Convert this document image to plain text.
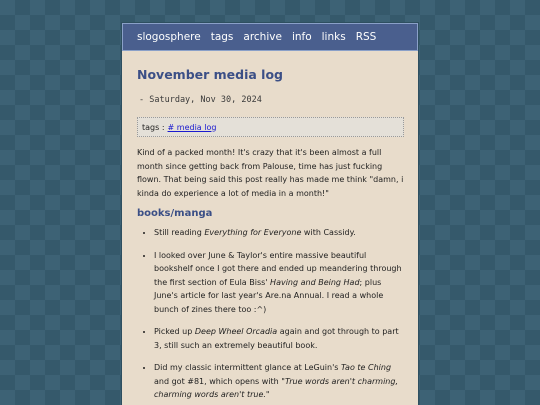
slogosphere tags archive info links RSS
November media log
- Saturday, Nov 30, 2024
tags : # media log

Kind of a packed month! It's crazy that it's been almost a full month since getting back from Palouse, time has just fucking flown. That being said this post really has made me think "damn, i kinda do experience a lot of media in a month!"

books/manga
• Still reading Everything for Everyone with Cassidy.
• I looked over June & Taylor's entire massive beautiful bookshelf once I got there and ended up meandering through the first section of Eula Biss' Having and Being Had; plus June's article for last year's Are.na Annual. I read a whole bunch of zines there too :^)
• Picked up Deep Wheel Orcadia again and got through to part 3, still such an extremely beautiful book.
• Did my classic intermittent glance at LeGuin's Tao te Ching and got #81, which opens with "True words aren't charming, charming words aren't true."
